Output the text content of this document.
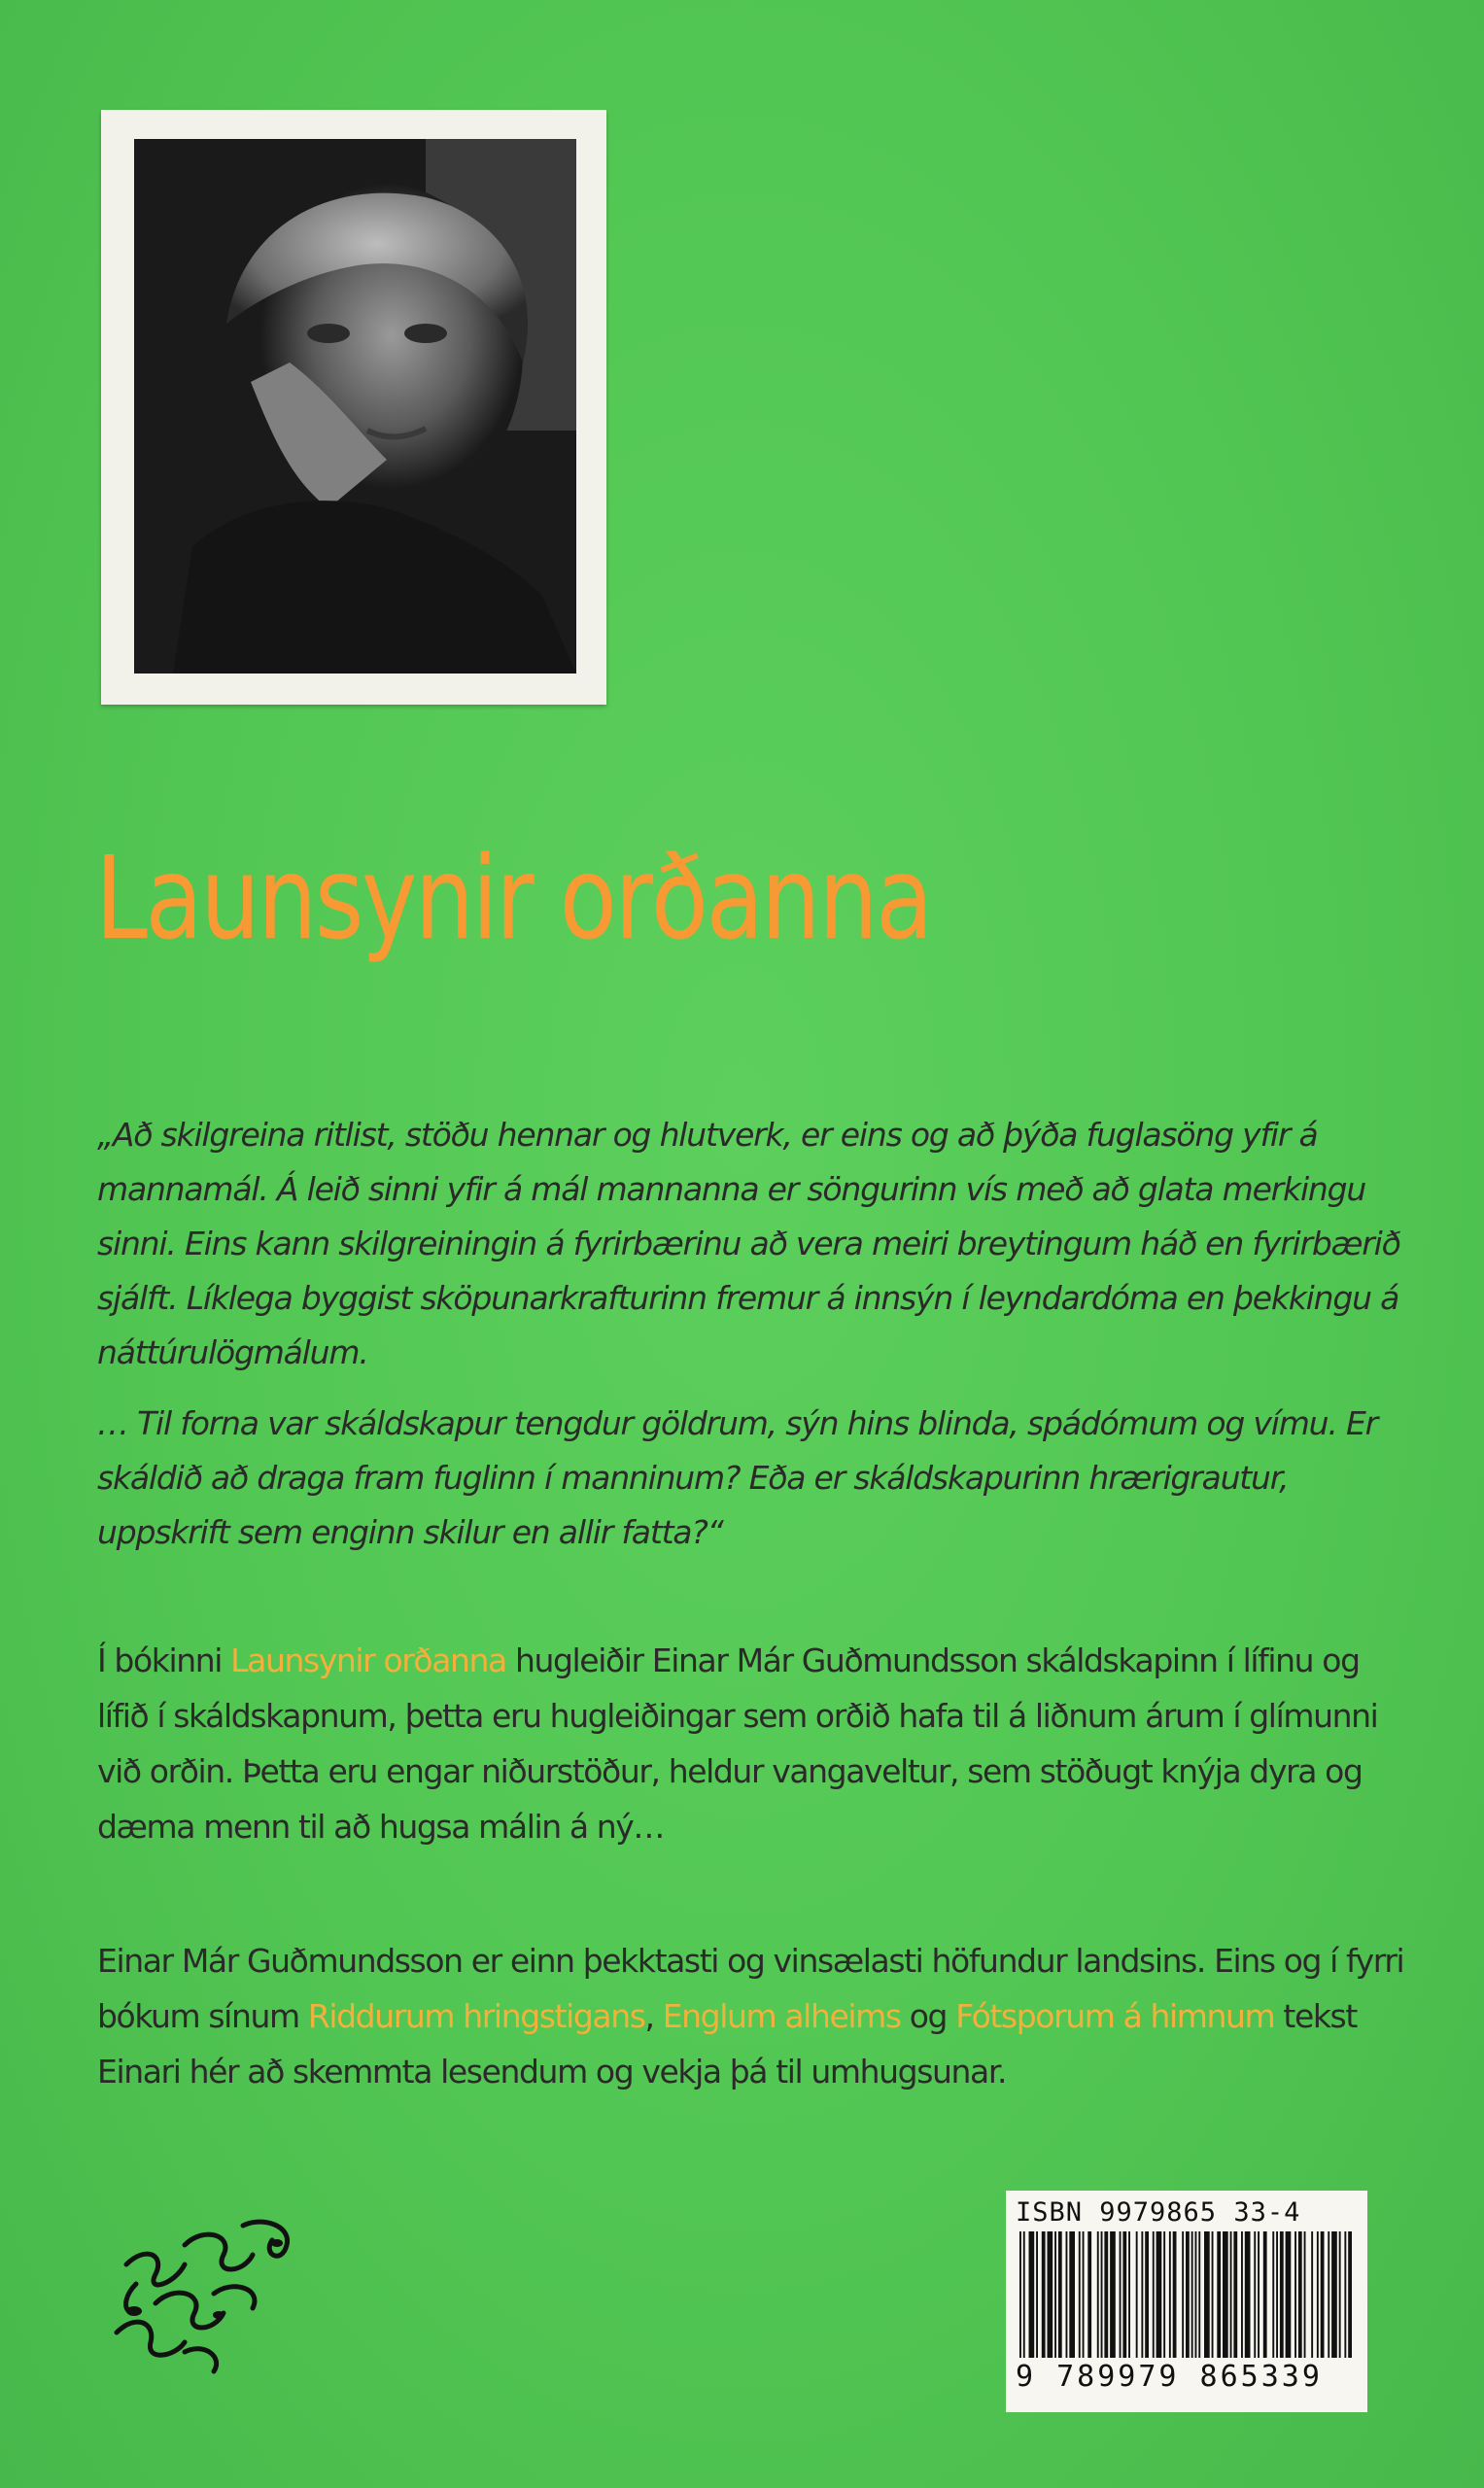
Launsynir orðanna

„Að skilgreina ritlist, stöðu hennar og hlutverk, er eins og að þýða fuglasöng yfir á mannamál. Á leið sinni yfir á mál mannanna er söngurinn vís með að glata merkingu sinni. Eins kann skilgreiningin á fyrirbærinu að vera meiri breytingum háð en fyrirbærið sjálft. Líklega byggist sköpunarkrafturinn fremur á innsýn í leyndardóma en þekkingu á náttúrulögmálum.

… Til forna var skáldskapur tengdur göldrum, sýn hins blinda, spádómum og vímu. Er skáldið að draga fram fuglinn í manninum? Eða er skáldskapurinn hrærigrautur, uppskrift sem enginn skilur en allir fatta?“

Í bókinni Launsynir orðanna hugleiðir Einar Már Guðmundsson skáldskapinn í lífinu og lífið í skáldskapnum, þetta eru hugleiðingar sem orðið hafa til á liðnum árum í glímunni við orðin. Þetta eru engar niðurstöður, heldur vangaveltur, sem stöðugt knýja dyra og dæma menn til að hugsa málin á ný…

Einar Már Guðmundsson er einn þekktasti og vinsælasti höfundur landsins. Eins og í fyrri bókum sínum Riddurum hringstigans, Englum alheims og Fótsporum á himnum tekst Einari hér að skemmta lesendum og vekja þá til umhugsunar.

ISBN 9979865 33-4
9 789979 865339
